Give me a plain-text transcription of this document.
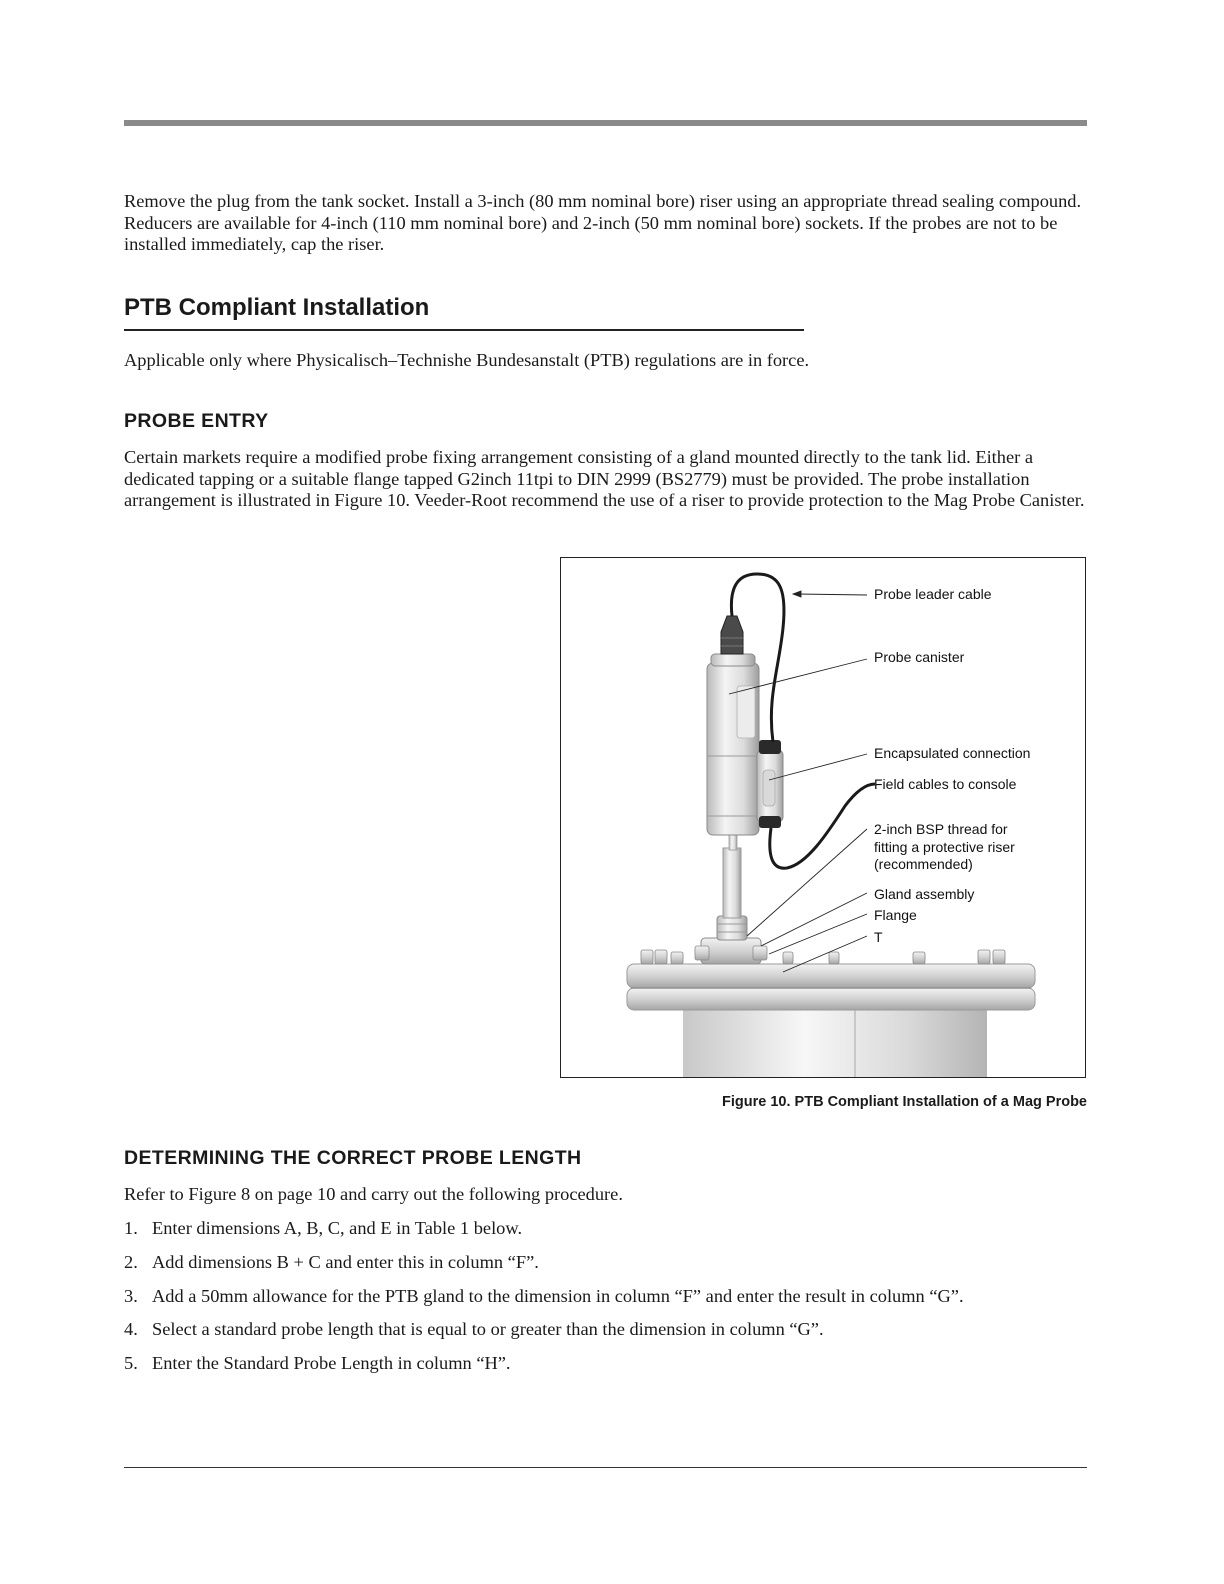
Remove the plug from the tank socket. Install a 3-inch (80 mm nominal bore) riser using an appropriate thread sealing compound. Reducers are available for 4-inch (110 mm nominal bore) and 2-inch (50 mm nominal bore) sockets. If the probes are not to be installed immediately, cap the riser.

PTB Compliant Installation

Applicable only where Physicalisch–Technishe Bundesanstalt (PTB) regulations are in force.

PROBE ENTRY

Certain markets require a modified probe fixing arrangement consisting of a gland mounted directly to the tank lid. Either a dedicated tapping or a suitable flange tapped G2inch 11tpi to DIN 2999 (BS2779) must be provided. The probe installation arrangement is illustrated in Figure 10. Veeder-Root recommend the use of a riser to provide protection to the Mag Probe Canister.

Probe leader cable

Probe canister

Encapsulated connection

Field cables to console

2-inch BSP thread for

fitting a protective riser

(recommended)

Gland assembly

Flange

T

Figure 10. PTB Compliant Installation of a Mag Probe

DETERMINING THE CORRECT PROBE LENGTH

Refer to Figure 8 on page 10 and carry out the following procedure.

1. Enter dimensions A, B, C, and E in Table 1 below.
2. Add dimensions B + C and enter this in column “F”.
3. Add a 50mm allowance for the PTB gland to the dimension in column “F” and enter the result in column “G”.
4. Select a standard probe length that is equal to or greater than the dimension in column “G”.
5. Enter the Standard Probe Length in column “H”.
